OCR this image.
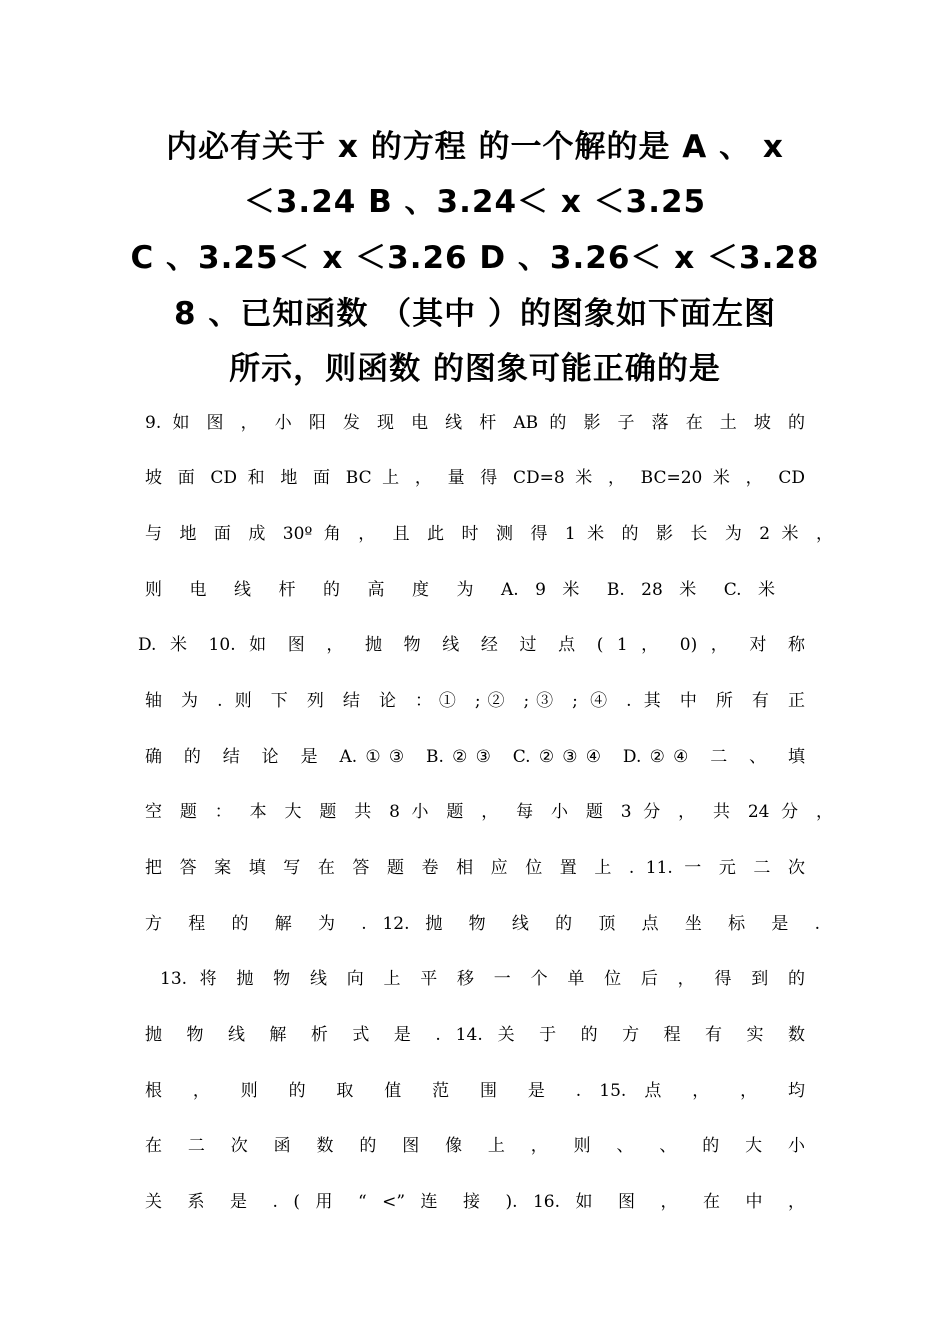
内必有关于 x 的方程 的一个解的是 A 、 x
＜3.24 B 、3.24＜ x ＜3.25
C 、3.25＜ x ＜3.26 D 、3.26＜ x ＜3.28
8 、已知函数 （其中 ）的图象如下面左图
所示，则函数 的图象可能正确的是
9. 如 图 ， 小 阳 发 现 电 线 杆 AB 的 影 子 落 在 土 坡 的
坡 面 CD 和 地 面 BC 上 ， 量 得 CD=8 米 ， BC=20 米 ， CD
与 地 面 成 30º 角 ， 且 此 时 测 得 1 米 的 影 长 为 2 米 ，
则 电 线 杆 的 高 度 为 A. 9 米 B. 28 米 C. 米
D. 米 10. 如 图 ， 抛 物 线 经 过 点 ( 1 ， 0) ， 对 称
轴 为 . 则 下 列 结 论 ：① ;② ;③ ; ④ . 其 中 所 有 正
确 的 结 论 是 A.①③ B.②③ C.②③④ D.②④ 二 、 填
空 题 ： 本 大 题 共 8 小 题 ， 每 小 题 3 分 ， 共 24 分 ，
把 答 案 填 写 在 答 题 卷 相 应 位 置 上 . 11. 一 元 二 次
方 程 的 解 为 . 12. 抛 物 线 的 顶 点 坐 标 是 .
13. 将 抛 物 线 向 上 平 移 一 个 单 位 后 ， 得 到 的
抛 物 线 解 析 式 是 . 14. 关 于 的 方 程 有 实 数
根 ， 则 的 取 值 范 围 是 . 15. 点 ， ， 均
在 二 次 函 数 的 图 像 上 ， 则 、 、 的 大 小
关 系 是 . ( 用 “ <” 连 接 ). 16. 如 图 ， 在 中 ，
